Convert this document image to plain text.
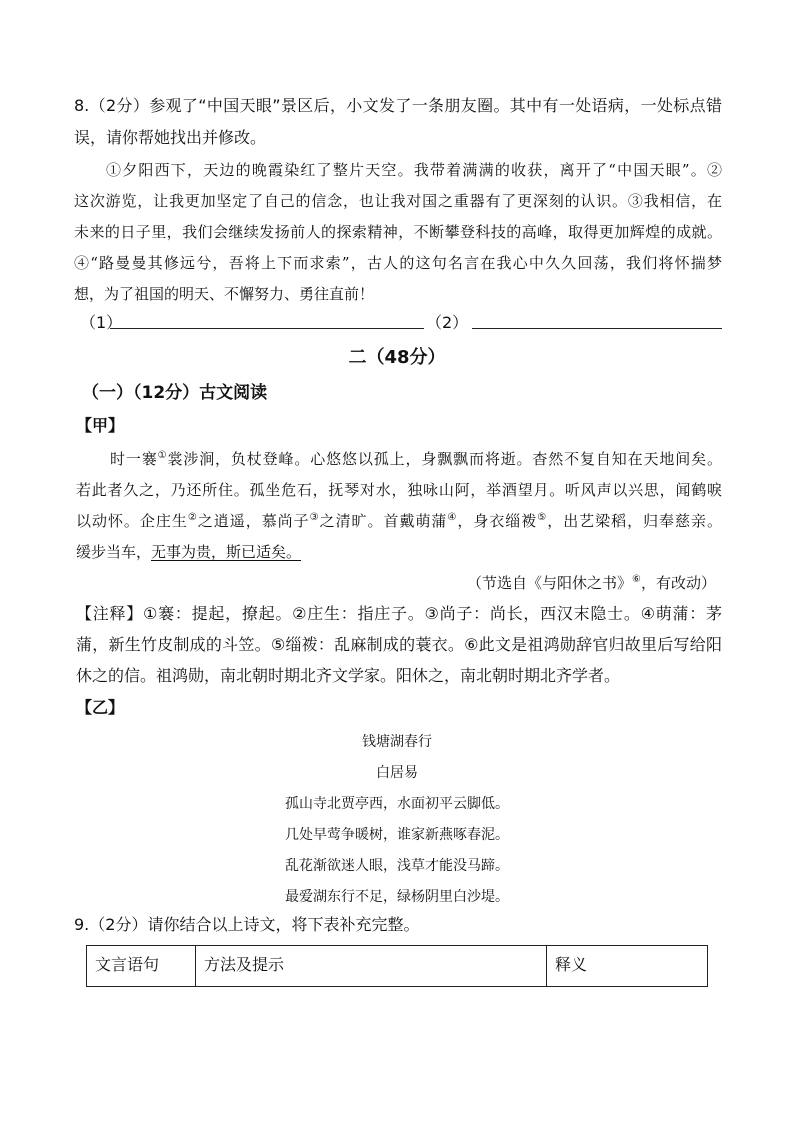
8.（2分）参观了“中国天眼”景区后，小文发了一条朋友圈。其中有一处语病，一处标点错
误，请你帮她找出并修改。
①夕阳西下，天边的晚霞染红了整片天空。我带着满满的收获，离开了“中国天眼”。②
这次游览，让我更加坚定了自己的信念，也让我对国之重器有了更深刻的认识。③我相信，在
未来的日子里，我们会继续发扬前人的探索精神，不断攀登科技的高峰，取得更加辉煌的成就。
④“路曼曼其修远兮，吾将上下而求索”，古人的这句名言在我心中久久回荡，我们将怀揣梦
想，为了祖国的明天、不懈努力、勇往直前！
（1）	（2）
二（48分）
（一）（12分）古文阅读
【甲】
时一褰①裳涉涧，负杖登峰。心悠悠以孤上，身飘飘而将逝。杳然不复自知在天地间矣。
若此者久之，乃还所住。孤坐危石，抚琴对水，独咏山阿，举酒望月。听风声以兴思，闻鹤唳
以动怀。企庄生②之逍遥，慕尚子③之清旷。首戴萌蒲④，身衣缁袯⑤，出艺梁稻，归奉慈亲。
缓步当车，无事为贵，斯已适矣。
（节选自《与阳休之书》⑥，有改动）
【注释】①褰：提起，撩起。②庄生：指庄子。③尚子：尚长，西汉末隐士。④萌蒲：茅
蒲，新生竹皮制成的斗笠。⑤缁袯：乱麻制成的蓑衣。⑥此文是祖鸿勋辞官归故里后写给阳
休之的信。祖鸿勋，南北朝时期北齐文学家。阳休之，南北朝时期北齐学者。
【乙】
钱塘湖春行
白居易
孤山寺北贾亭西，水面初平云脚低。
几处早莺争暖树，谁家新燕啄春泥。
乱花渐欲迷人眼，浅草才能没马蹄。
最爱湖东行不足，绿杨阴里白沙堤。
9.（2分）请你结合以上诗文，将下表补充完整。
文言语句	方法及提示	释义
